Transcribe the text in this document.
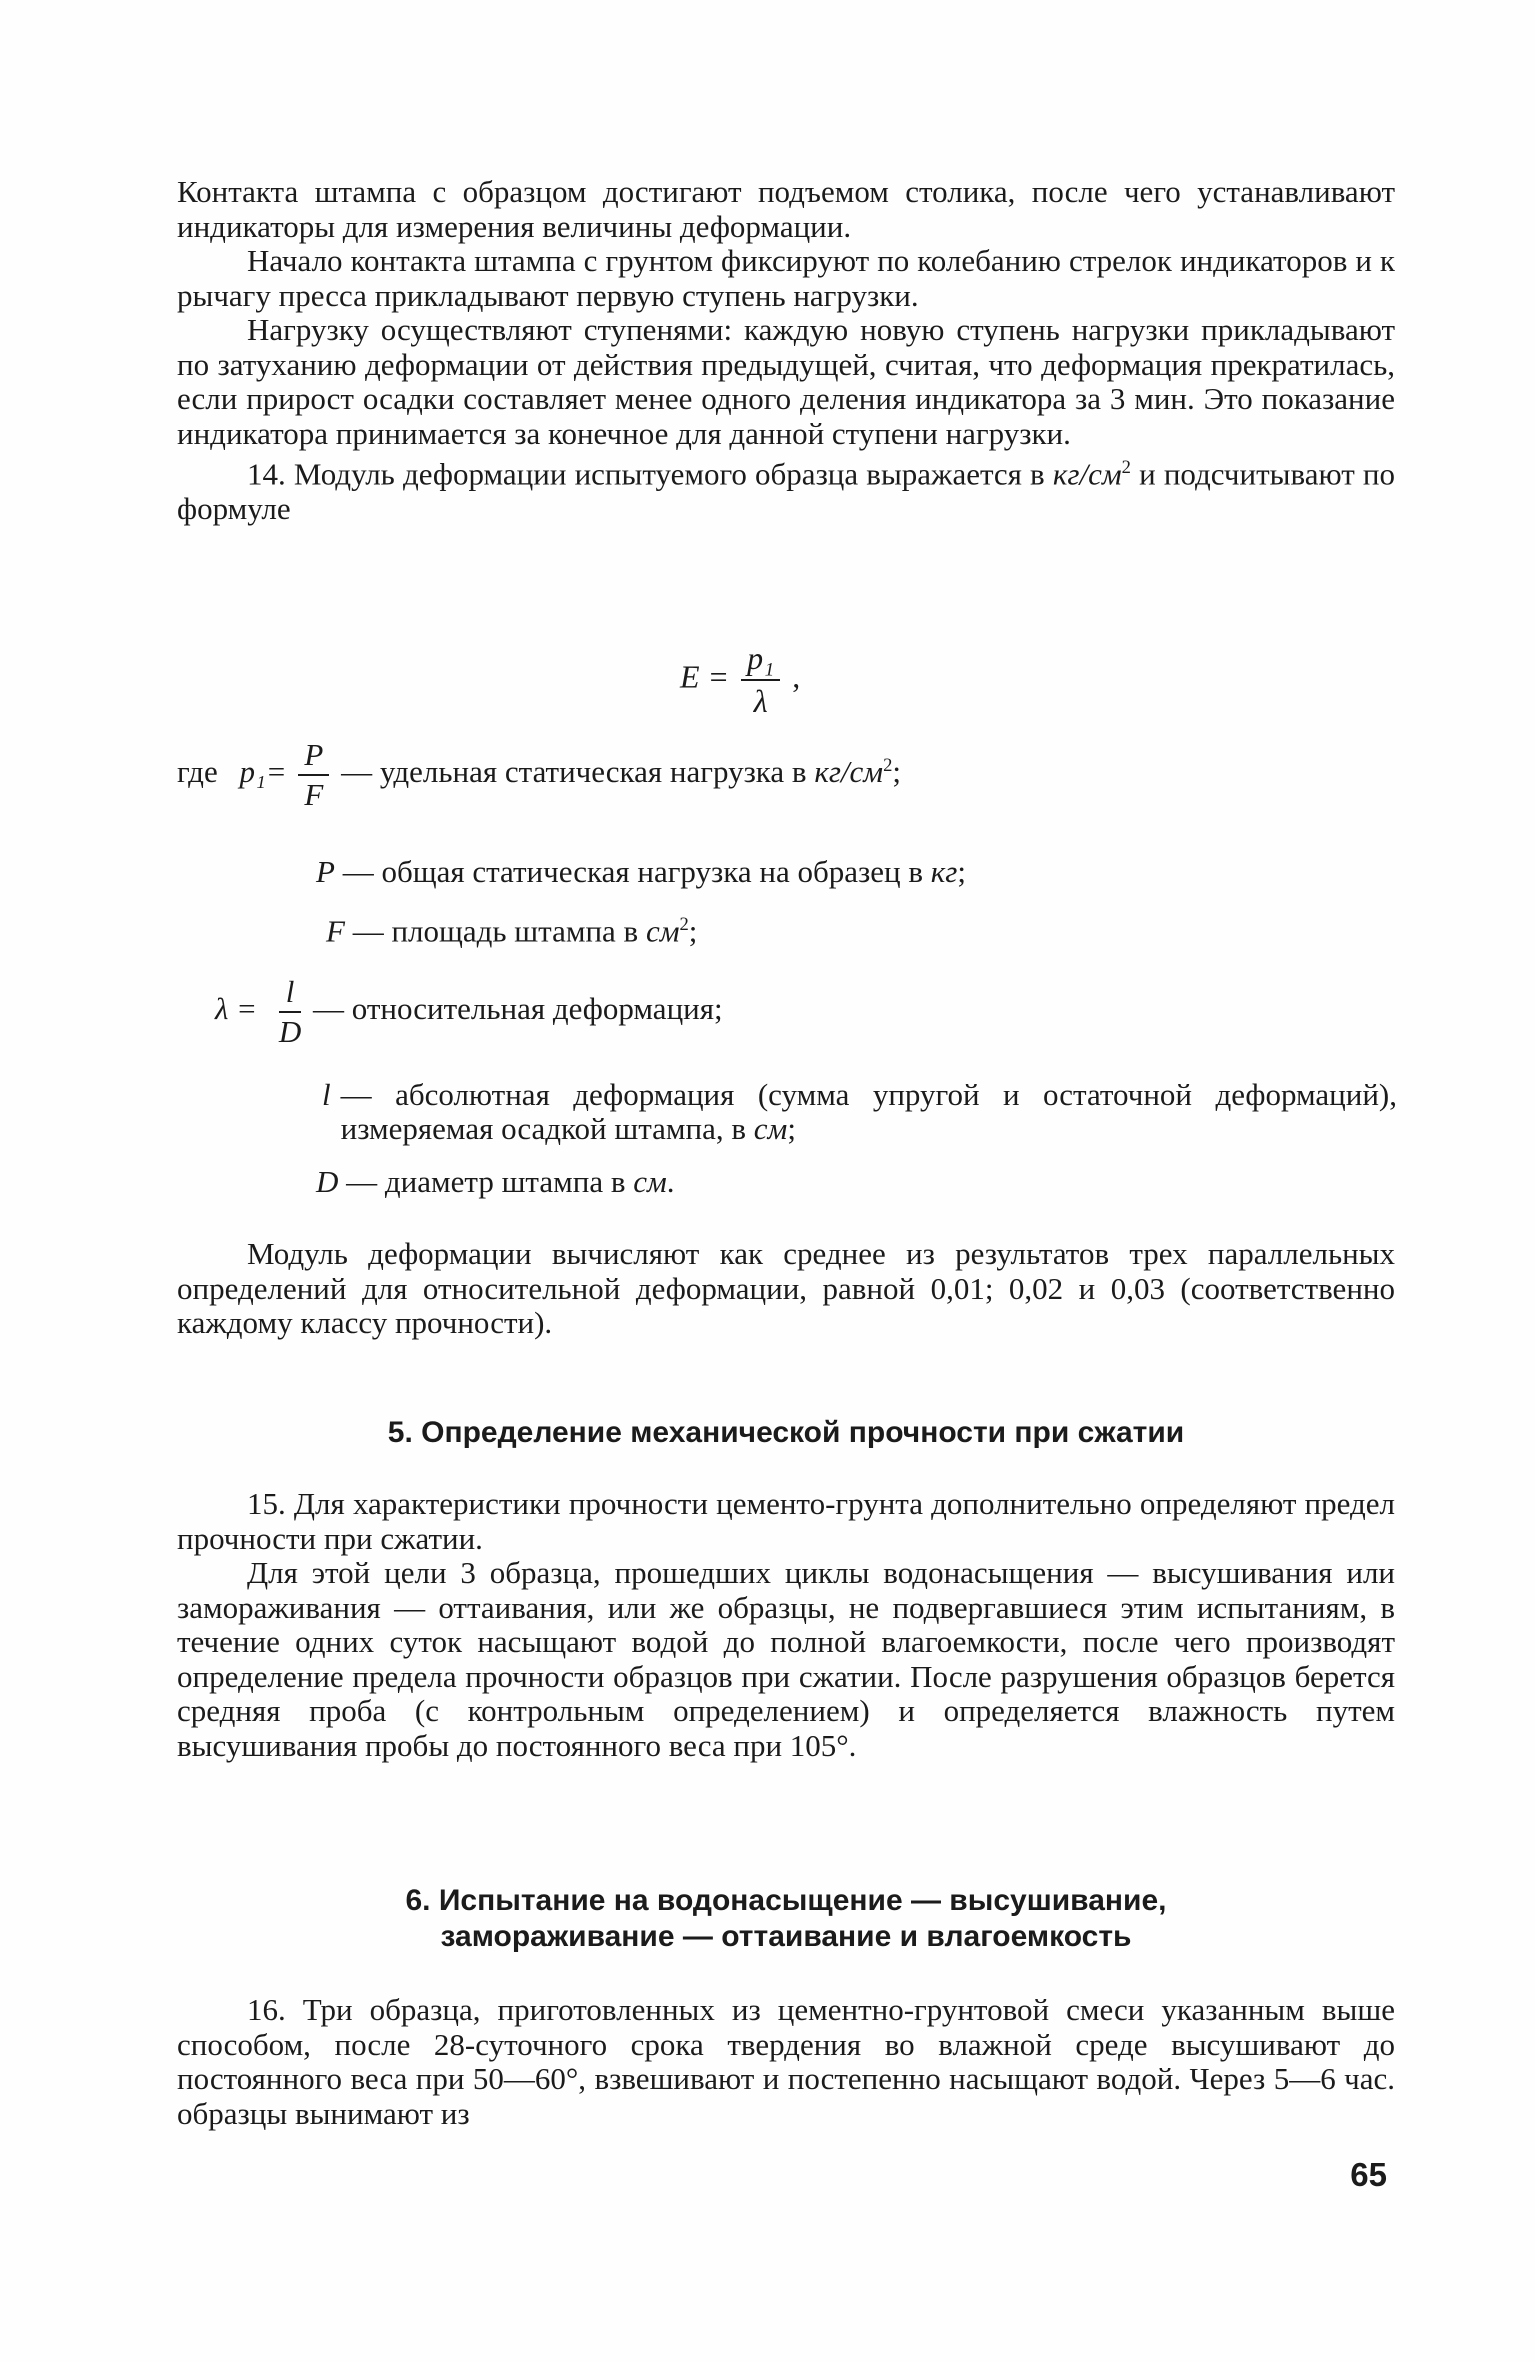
Контакта штампа с образцом достигают подъемом столика, после чего устанавливают индикаторы для измерения величины деформации.

Начало контакта штампа с грунтом фиксируют по колебанию стрелок индикаторов и к рычагу пресса прикладывают первую ступень нагрузки.

Нагрузку осуществляют ступенями: каждую новую ступень нагрузки прикладывают по затуханию деформации от действия предыдущей, считая, что деформация прекратилась, если прирост осадки составляет менее одного деления индикатора за 3 мин. Это показание индикатора принимается за конечное для данной ступени нагрузки.

14. Модуль деформации испытуемого образца выражается в $кг/см^2$ и подсчитывают по формуле

$E = \frac{\text{p₁}}{\lambda}$ ,
где $p_1= \frac{P}{F}$ — удельная статическая нагрузка в $кг/см^2$;
P — общая статическая нагрузка на образец в кг;
F — площадь штампа в $см^2$;
$\lambda = \frac{l}{D}$ — относительная деформация;
l — абсолютная деформация (сумма упругой и остаточной деформаций), измеряемая осадкой штампа, в см;
D — диаметр штампа в см.

Модуль деформации вычисляют как среднее из результатов трех параллельных определений для относительной деформации, равной 0,01; 0,02 и 0,03 (соответственно каждому классу прочности).

5. Определение механической прочности при сжатии

15. Для характеристики прочности цементо-грунта дополнительно определяют предел прочности при сжатии.

Для этой цели 3 образца, прошедших циклы водонасыщения — высушивания или замораживания — оттаивания, или же образцы, не подвергавшиеся этим испытаниям, в течение одних суток насыщают водой до полной влагоемкости, после чего производят определение предела прочности образцов при сжатии. После разрушения образцов берется средняя проба (с контрольным определением) и определяется влажность путем высушивания пробы до постоянного веса при 105°.

6. Испытание на водонасыщение — высушивание,
замораживание — оттаивание и влагоемкость

16. Три образца, приготовленных из цементно-грунтовой смеси указанным выше способом, после 28-суточного срока твердения во влажной среде высушивают до постоянного веса при 50—60°, взвешивают и постепенно насыщают водой. Через 5—6 час. образцы вынимают из

65
